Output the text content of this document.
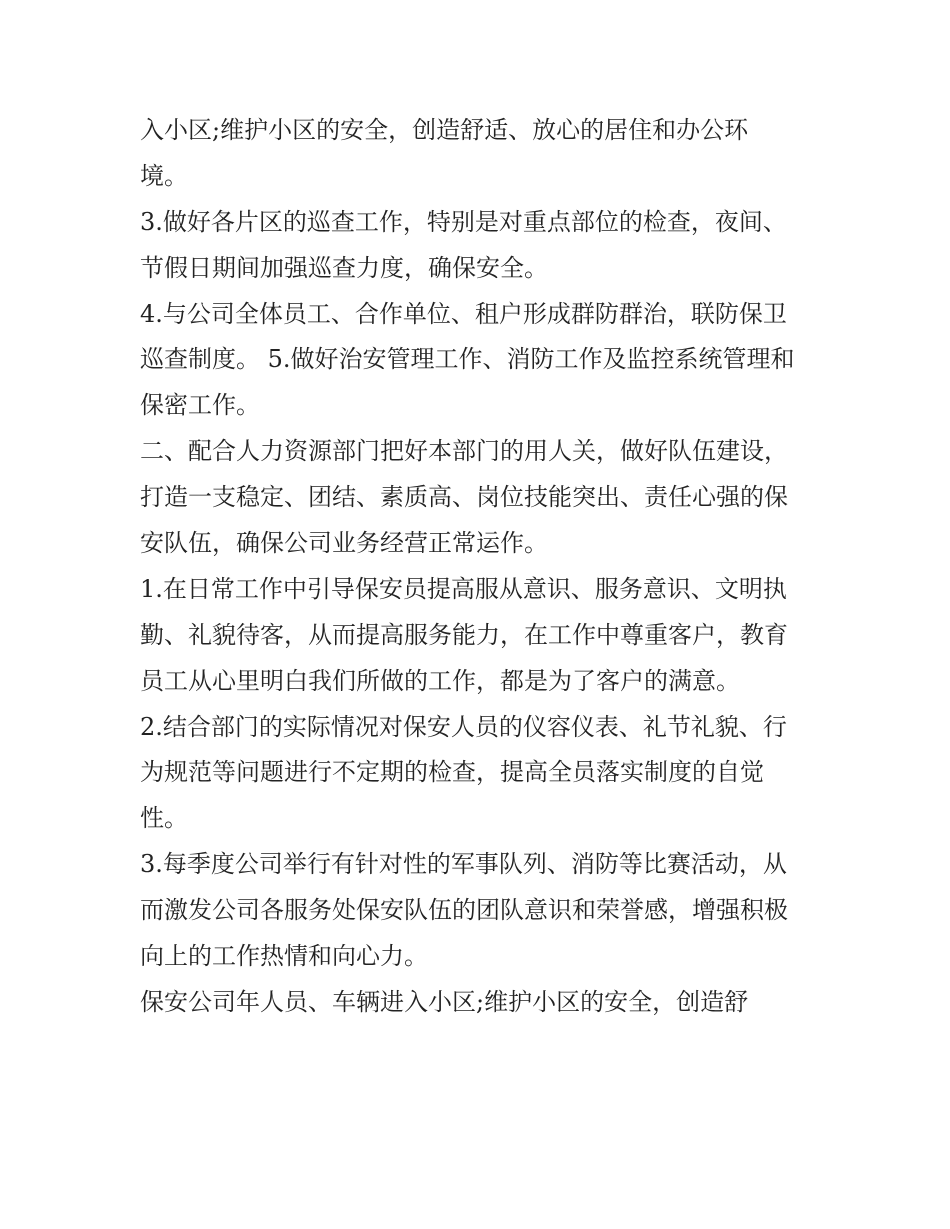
入小区;维护小区的安全，创造舒适、放心的居住和办公环
境。
3.做好各片区的巡查工作，特别是对重点部位的检查，夜间、
节假日期间加强巡查力度，确保安全。
4.与公司全体员工、合作单位、租户形成群防群治，联防保卫
巡查制度。 5.做好治安管理工作、消防工作及监控系统管理和
保密工作。
二、配合人力资源部门把好本部门的用人关，做好队伍建设，
打造一支稳定、团结、素质高、岗位技能突出、责任心强的保
安队伍，确保公司业务经营正常运作。
1.在日常工作中引导保安员提高服从意识、服务意识、文明执
勤、礼貌待客，从而提高服务能力，在工作中尊重客户，教育
员工从心里明白我们所做的工作，都是为了客户的满意。
2.结合部门的实际情况对保安人员的仪容仪表、礼节礼貌、行
为规范等问题进行不定期的检查，提高全员落实制度的自觉
性。
3.每季度公司举行有针对性的军事队列、消防等比赛活动，从
而激发公司各服务处保安队伍的团队意识和荣誉感，增强积极
向上的工作热情和向心力。
保安公司年人员、车辆进入小区;维护小区的安全，创造舒
